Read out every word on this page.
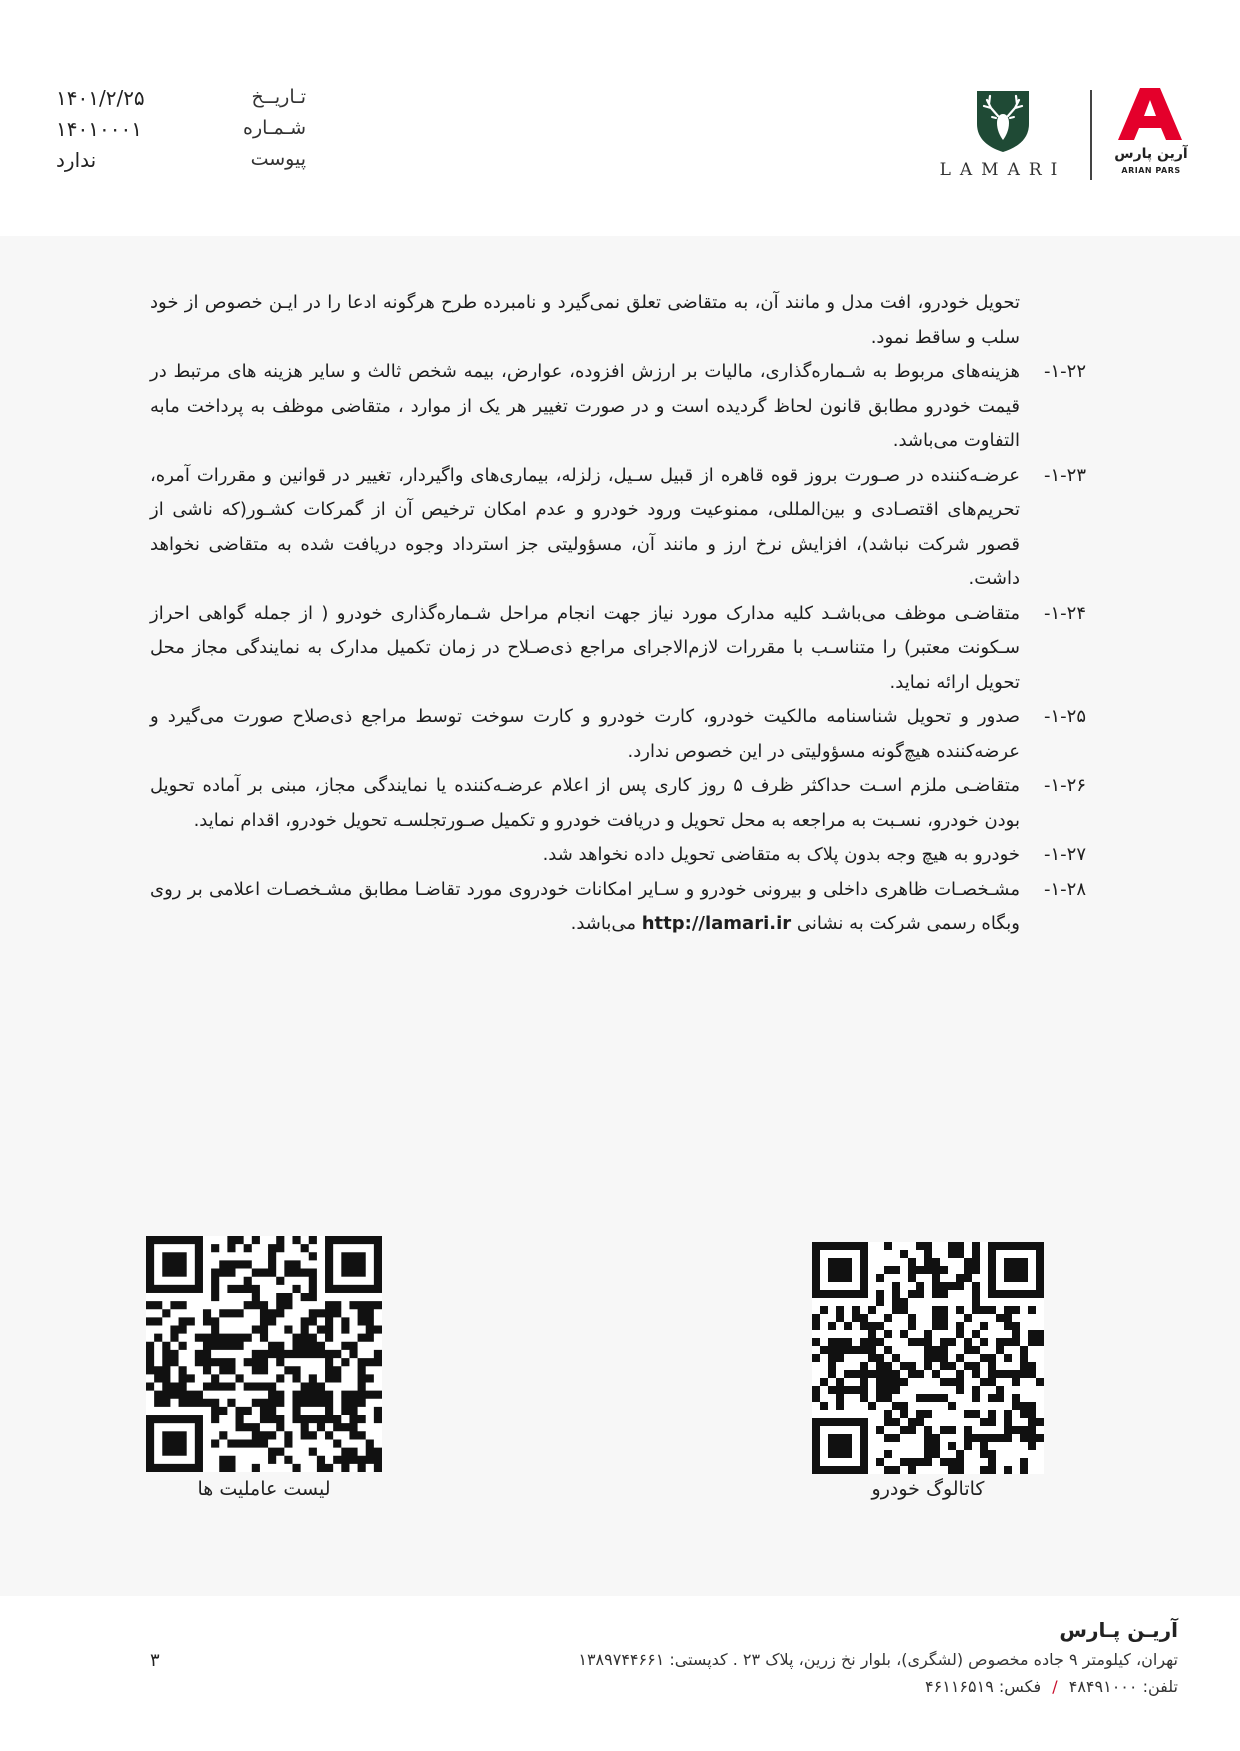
تـاریــخ
۱۴۰۱/۲/۲۵
شـمـاره
۱۴۰۱۰۰۰۱
پیوست
ندارد	LAMARI
آرین پارس
ARIAN PARS
تحویل خودرو، افت مدل و مانند آن، به متقاضی تعلق نمی‌گیرد و نامبرده طرح هرگونه ادعا را در ایـن خصوص از خود سلب و ساقط نمود.
۱-۲۲-
هزینه‌های مربوط به شـماره‌گذاری، مالیات بر ارزش افزوده، عوارض، بیمه شخص ثالث و سایر هزینه های مرتبط در قیمت خودرو مطابق قانون لحاظ گردیده است و در صورت تغییر هر یک از موارد ، متقاضی موظف به پرداخت مابه التفاوت می‌باشد.
۱-۲۳-
عرضـه‌کننده در صـورت بروز قوه قاهره از قبیل سـیل، زلزله، بیماری‌های واگیردار، تغییر در قوانین و مقررات آمره، تحریم‌های اقتصـادی و بین‌المللی، ممنوعیت ورود خودرو و عدم امکان ترخیص آن از گمرکات کشـور(که ناشی از قصور شرکت نباشد)، افزایش نرخ ارز و مانند آن، مسؤولیتی جز استرداد وجوه دریافت شده به متقاضی نخواهد داشت.
۱-۲۴-
متقاضـی موظف می‌باشـد کلیه مدارک مورد نیاز جهت انجام مراحل شـماره‌گذاری خودرو ( از جمله گواهی احراز سـکونت معتبر) را متناسـب با مقررات لازم‌الاجرای مراجع ذی‌صـلاح در زمان تکمیل مدارک به نمایندگی مجاز محل تحویل ارائه نماید.
۱-۲۵-
صدور و تحویل شناسنامه مالکیت خودرو، کارت خودرو و کارت سوخت توسط مراجع ذی‌صلاح صورت می‌گیرد و عرضه‌کننده هیچ‌گونه مسؤولیتی در این خصوص ندارد.
۱-۲۶-
متقاضـی ملزم اسـت حداکثر ظرف ۵ روز کاری پس از اعلام عرضـه‌کننده یا نمایندگی مجاز، مبنی بر آماده تحویل بودن خودرو، نسـبت به مراجعه به محل تحویل و دریافت خودرو و تکمیل صـورتجلسـه تحویل خودرو، اقدام نماید.
۱-۲۷-
خودرو به هیچ وجه بدون پلاک به متقاضی تحویل داده نخواهد شد.
۱-۲۸-
مشـخصـات ظاهری داخلی و بیرونی خودرو و سـایر امکانات خودروی مورد تقاضـا مطابق مشـخصـات اعلامی بر روی وبگاه رسمی شرکت به نشانی http://lamari.ir می‌باشد.
لیست عاملیت ها	کاتالوگ خودرو
آریـن پـارس
تهران، کیلومتر ۹ جاده مخصوص (لشگری)، بلوار نخ زرین، پلاک ۲۳ . کدپستی: ۱۳۸۹۷۴۴۶۶۱
تلفن: ۴۸۴۹۱۰۰۰ / فکس: ۴۶۱۱۶۵۱۹
۳
